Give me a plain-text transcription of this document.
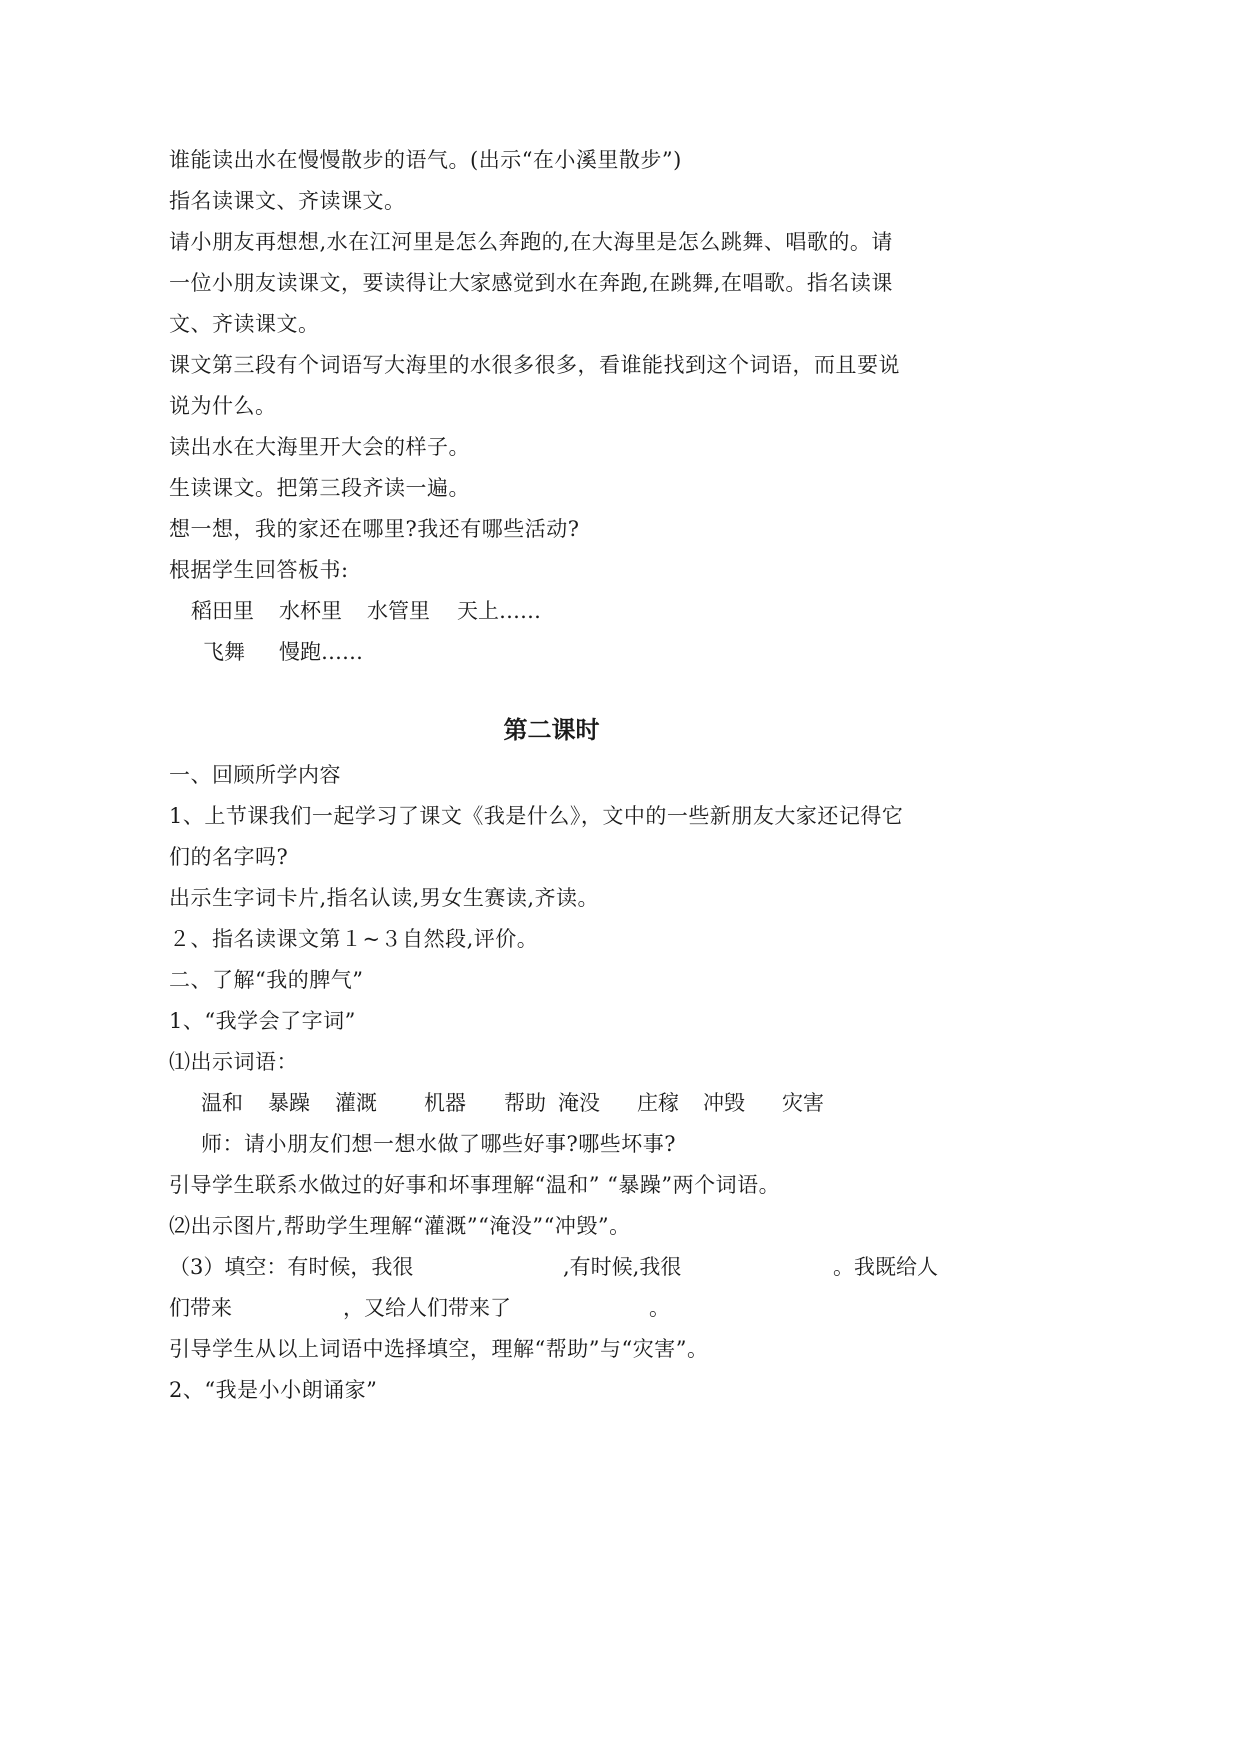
谁能读出水在慢慢散步的语气。(出示“在小溪里散步”)
指名读课文、齐读课文。
请小朋友再想想,水在江河里是怎么奔跑的,在大海里是怎么跳舞、唱歌的。请
一位小朋友读课文，要读得让大家感觉到水在奔跑,在跳舞,在唱歌。指名读课
文、齐读课文。
课文第三段有个词语写大海里的水很多很多，看谁能找到这个词语，而且要说
说为什么。
读出水在大海里开大会的样子。
生读课文。把第三段齐读一遍。
想一想，我的家还在哪里?我还有哪些活动?
根据学生回答板书:
稻田里 水杯里 水管里 天上……
飞舞 慢跑……
第二课时
一、回顾所学内容
1、上节课我们一起学习了课文《我是什么》，文中的一些新朋友大家还记得它
们的名字吗?
出示生字词卡片,指名认读,男女生赛读,齐读。
２、指名读课文第１~３自然段,评价。
二、了解“我的脾气”
1、“我学会了字词”
⑴出示词语：
温和 暴躁 灌溉 机器 帮助 淹没 庄稼 冲毁 灾害
师：请小朋友们想一想水做了哪些好事?哪些坏事?
引导学生联系水做过的好事和坏事理解“温和” “暴躁”两个词语。
⑵出示图片,帮助学生理解“灌溉”“淹没”“冲毁”。
（3）填空：有时候，我很	,有时候,我很	。我既给人
们带来	，又给人们带来了	。
引导学生从以上词语中选择填空，理解“帮助”与“灾害”。
2、“我是小小朗诵家”
